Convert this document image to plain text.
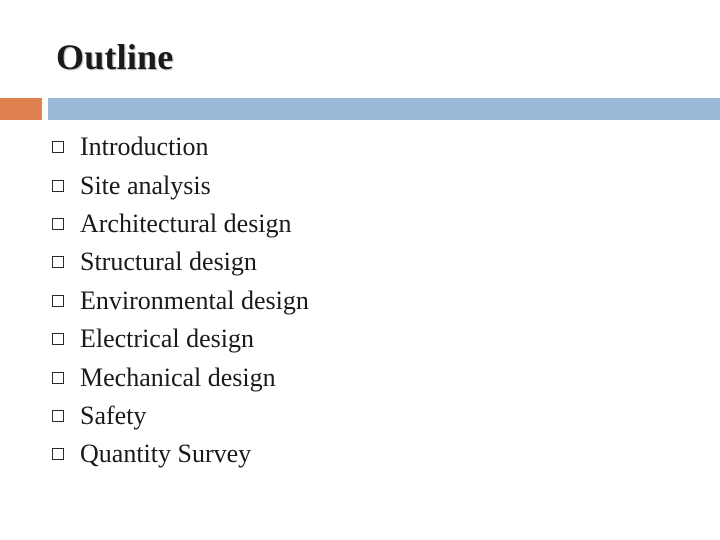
Outline
Introduction
Site analysis
Architectural design
Structural design
Environmental design
Electrical design
Mechanical design
Safety
Quantity Survey
